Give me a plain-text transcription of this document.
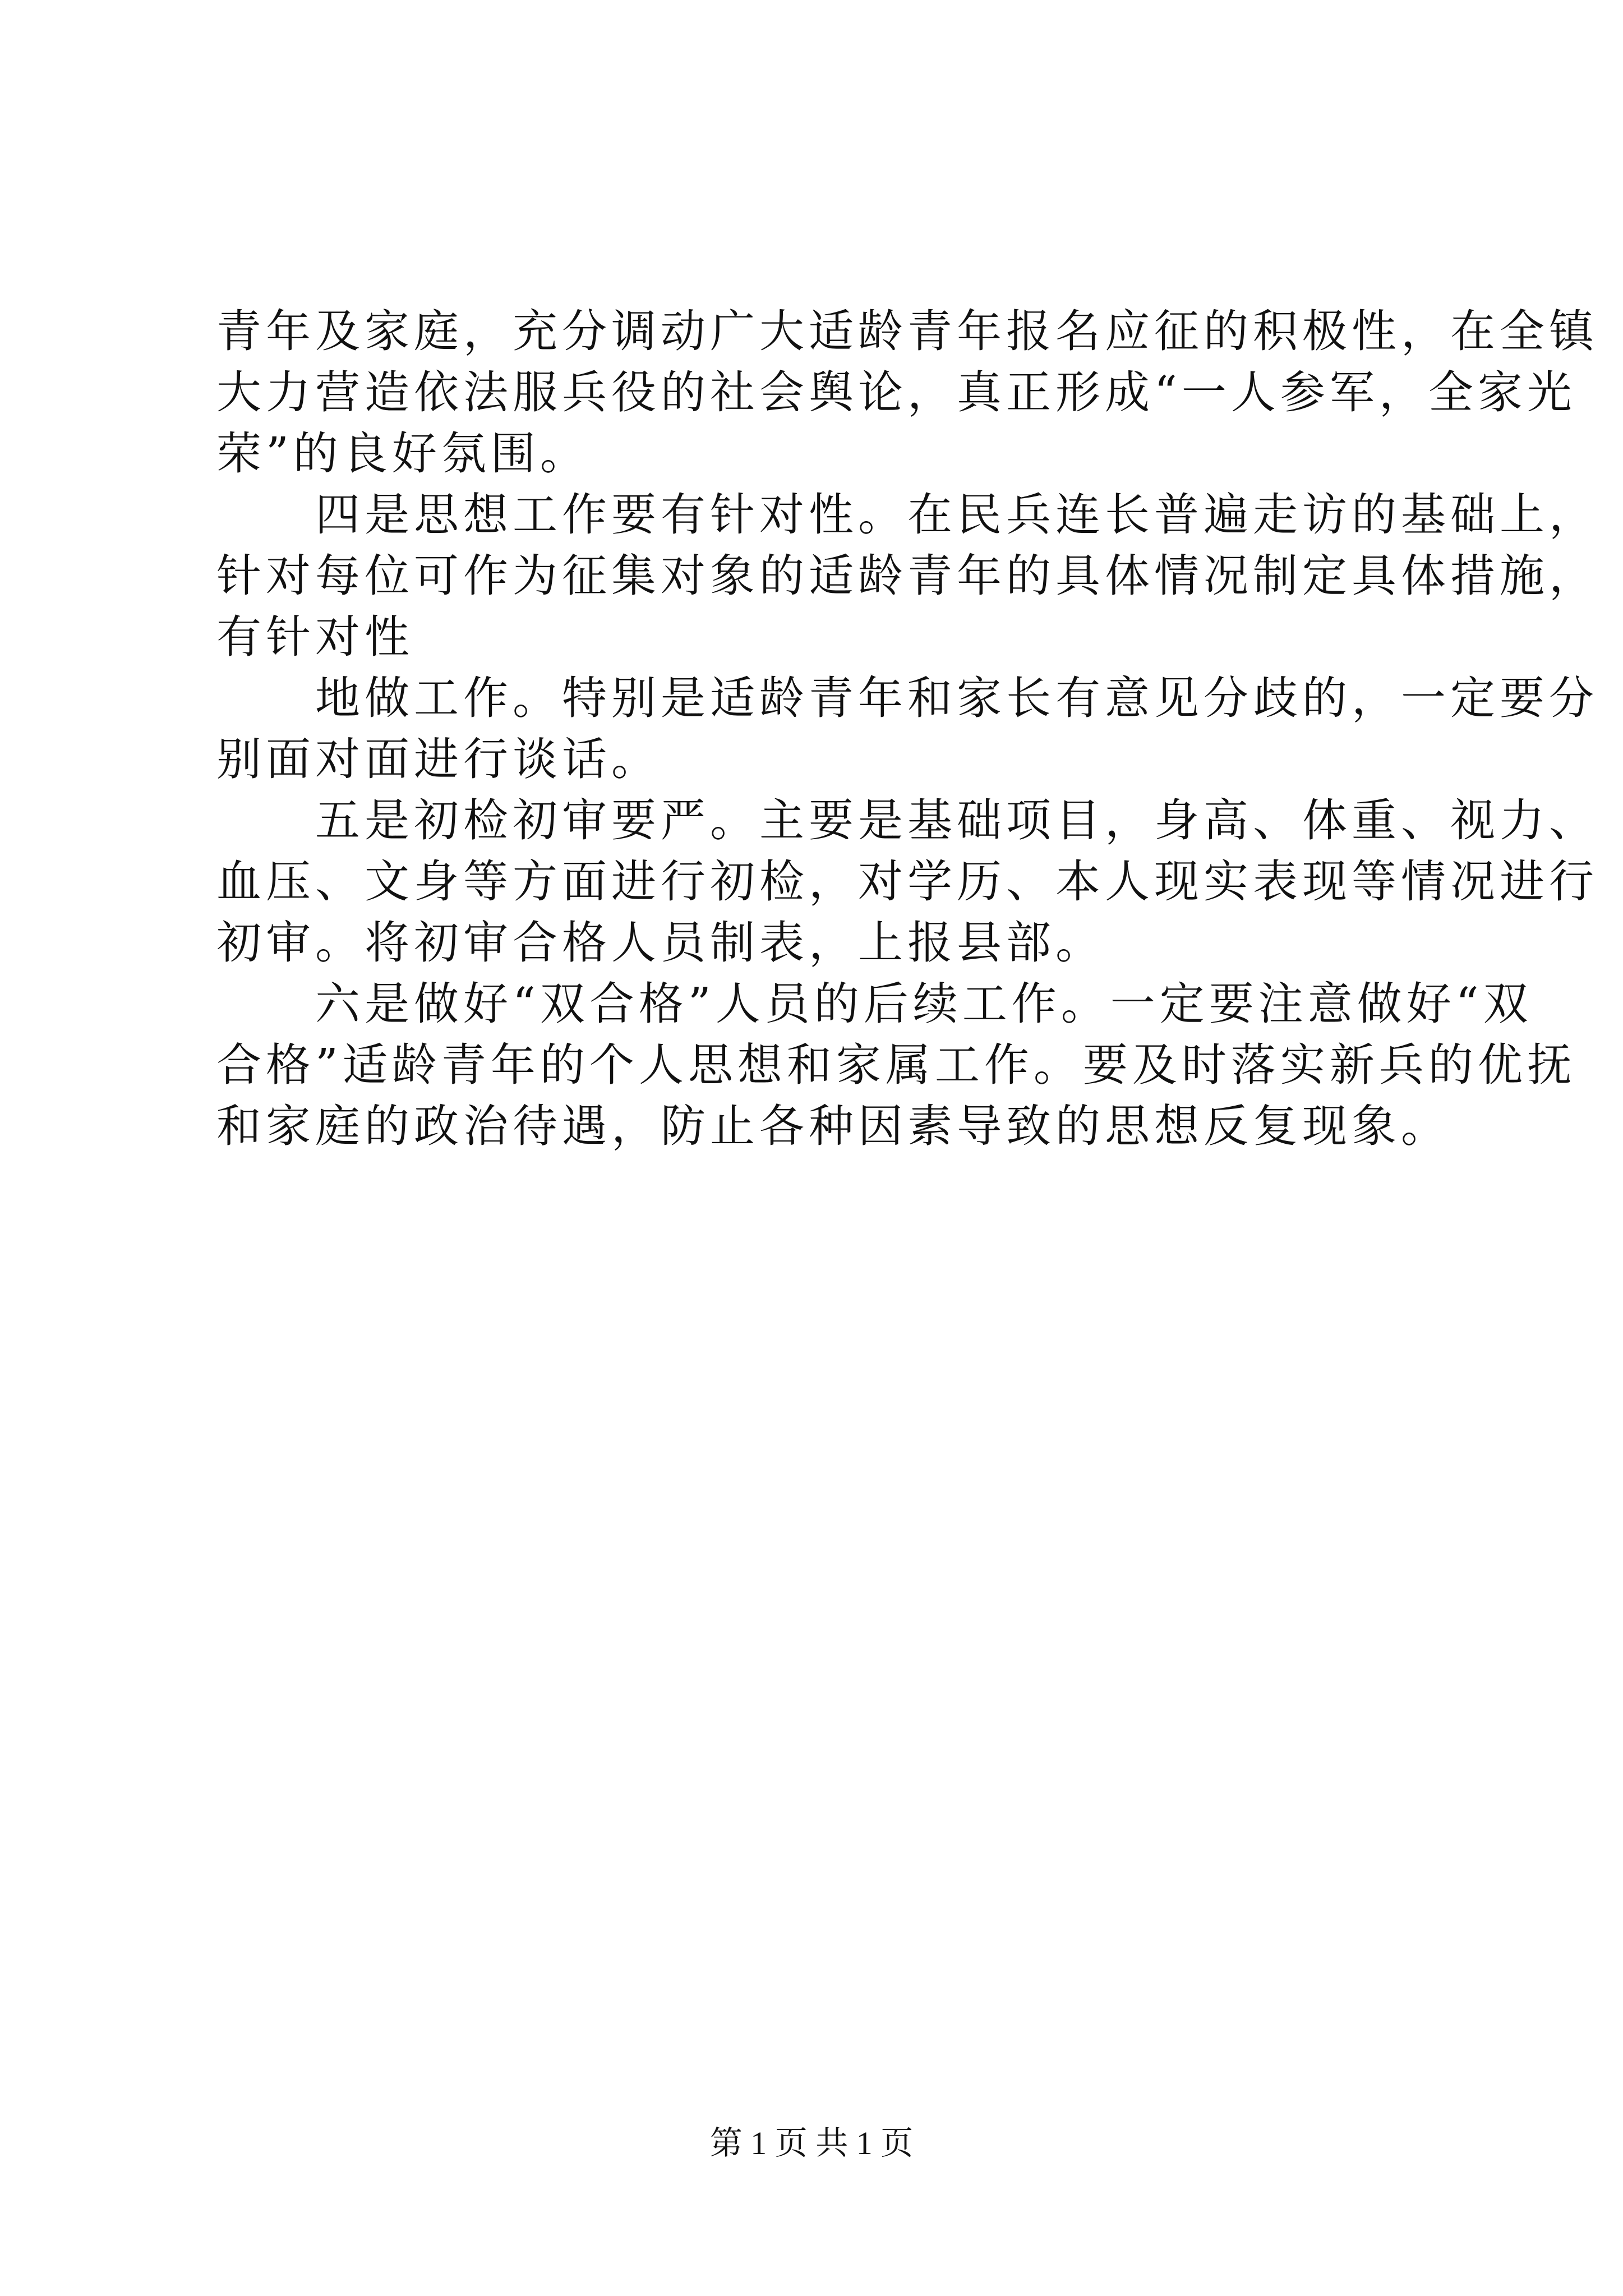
青年及家庭，充分调动广大适龄青年报名应征的积极性，在全镇

大力营造依法服兵役的社会舆论，真正形成“一人参军，全家光

荣”的良好氛围。

四是思想工作要有针对性。在民兵连长普遍走访的基础上，

针对每位可作为征集对象的适龄青年的具体情况制定具体措施，

有针对性

地做工作。特别是适龄青年和家长有意见分歧的，一定要分

别面对面进行谈话。

五是初检初审要严。主要是基础项目，身高、体重、视力、

血压、文身等方面进行初检，对学历、本人现实表现等情况进行

初审。将初审合格人员制表，上报县部。

六是做好“双合格”人员的后续工作。一定要注意做好“双

合格”适龄青年的个人思想和家属工作。要及时落实新兵的优抚

和家庭的政治待遇，防止各种因素导致的思想反复现象。

第 1 页 共 1 页
